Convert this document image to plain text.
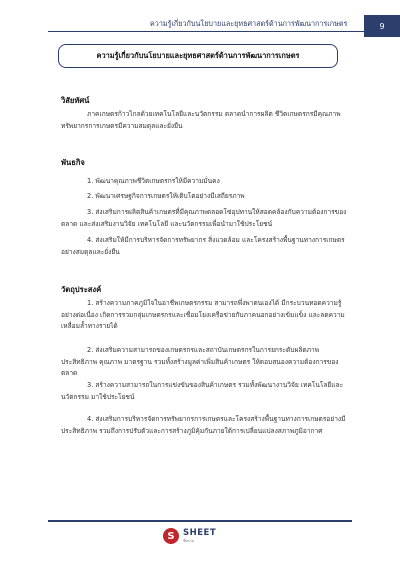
ความรู้เกี่ยวกับนโยบายและยุทธศาสตร์ด้านการพัฒนาการเกษตร	9
ความรู้เกี่ยวกับนโยบายและยุทธศาสตร์ด้านการพัฒนาการเกษตร
วิสัยทัศน์

ภาคเกษตรก้าวไกลด้วยเทคโนโลยีและนวัตกรรม ตลาดนำการผลิต ชีวิตเกษตรกรมีคุณภาพ ทรัพยากรการเกษตรมีความสมดุลและยั่งยืน

พันธกิจ

1. พัฒนาคุณภาพชีวิตเกษตรกรให้มีความมั่นคง

2. พัฒนาเศรษฐกิจการเกษตรให้เติบโตอย่างมีเสถียรภาพ

3. ส่งเสริมการผลิตสินค้าเกษตรที่มีคุณภาพตลอดโซ่อุปทานให้สอดคล้องกับความต้องการของตลาด และส่งเสริมงานวิจัย เทคโนโลยี และนวัตกรรมเพื่อนำมาใช้ประโยชน์

4. ส่งเสริมให้มีการบริหารจัดการทรัพยากร สิ่งแวดล้อม และโครงสร้างพื้นฐานทางการเกษตรอย่างสมดุลและยั่งยืน

วัตถุประสงค์

1. สร้างความภาคภูมิใจในอาชีพเกษตรกรรม สามารถพึ่งพาตนเองได้ มีกระบวนทอดความรู้อย่างต่อเนื่อง เกิดการรวมกลุ่มเกษตรกรและเชื่อมโยงเครือข่ายกับภาคนอกอย่างเข้มแข็ง และลดความเหลื่อมล้ำทางรายได้

2. ส่งเสริมความสามารถของเกษตรกรและสถาบันเกษตรกรในการยกระดับผลิตภาพ ประสิทธิภาพ คุณภาพ มาตรฐาน รวมทั้งสร้างมูลค่าเพิ่มสินค้าเกษตร ให้ตอบสนองความต้องการของตลาด

3. สร้างความสามารถในการแข่งขันของสินค้าเกษตร รวมทั้งพัฒนางานวิจัย เทคโนโลยีและนวัตกรรม มาใช้ประโยชน์

4. ส่งเสริมการบริหารจัดการทรัพยากรการเกษตรและโครงสร้างพื้นฐานทางการเกษตรอย่างมีประสิทธิภาพ รวมถึงการปรับตัวและการสร้างภูมิคุ้มกันภายใต้การเปลี่ยนแปลงสภาพภูมิอากาศ

S SHEET
ชีทราม
